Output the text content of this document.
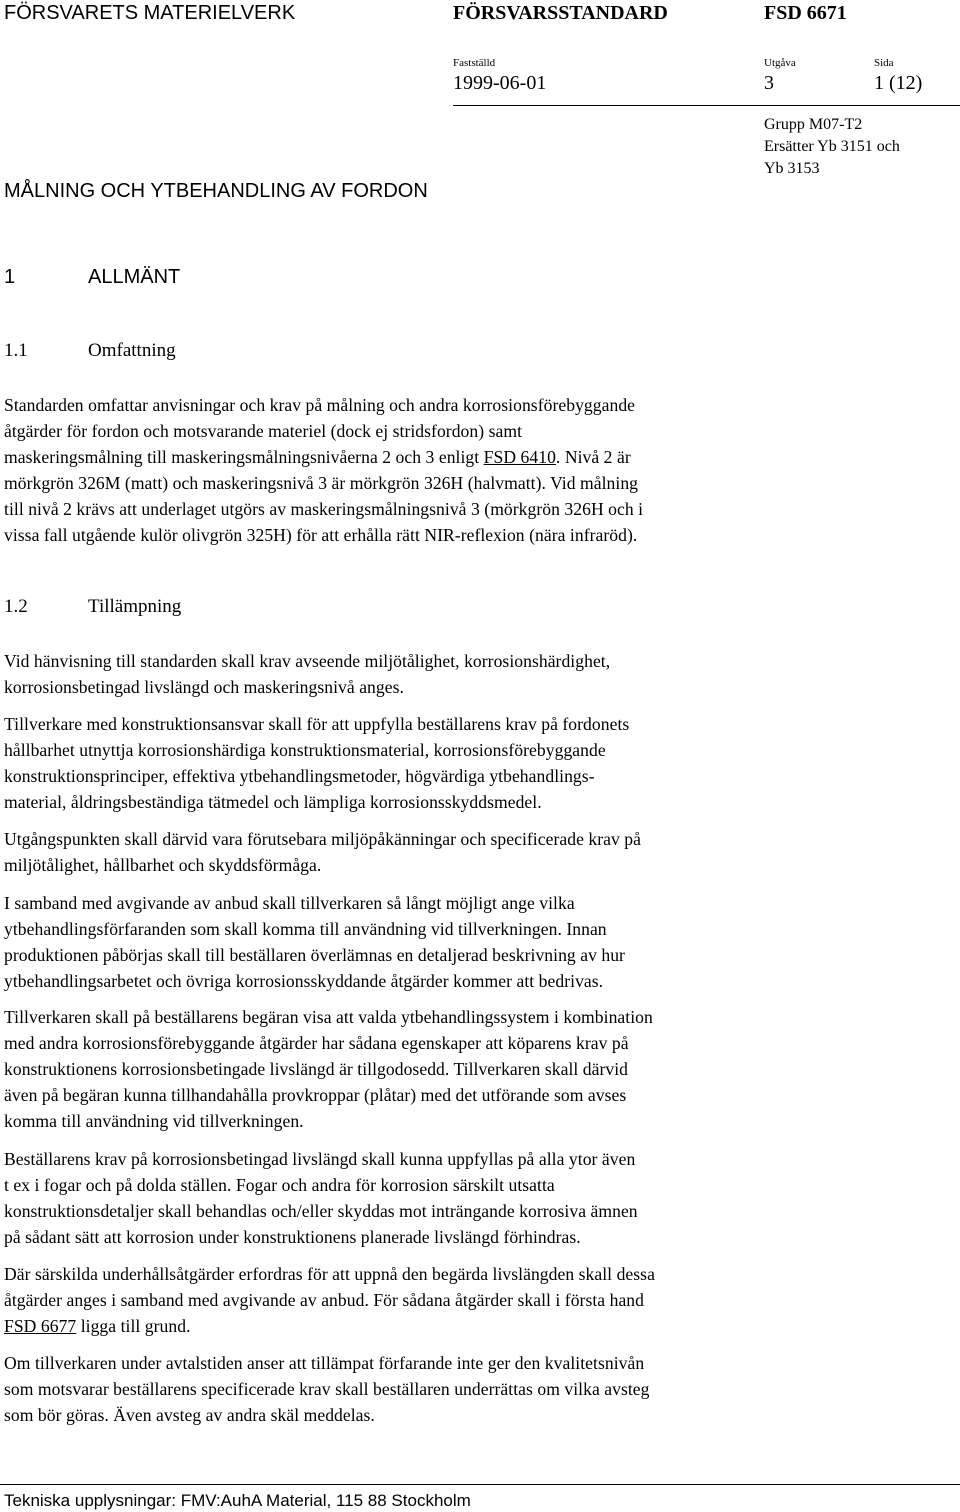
FÖRSVARETS MATERIELVERK	FÖRSVARSSTANDARD	FSD 6671
Fastställd	Utgåva	Sida
1999-06-01	3	1 (12)
Grupp M07-T2
Ersätter Yb 3151 och
Yb 3153
MÅLNING OCH YTBEHANDLING AV FORDON
1	ALLMÄNT
1.1	Omfattning
Standarden omfattar anvisningar och krav på målning och andra korrosionsförebyggande
åtgärder för fordon och motsvarande materiel (dock ej stridsfordon) samt
maskeringsmålning till maskeringsmålningsnivåerna 2 och 3 enligt FSD 6410. Nivå 2 är
mörkgrön 326M (matt) och maskeringsnivå 3 är mörkgrön 326H (halvmatt). Vid målning
till nivå 2 krävs att underlaget utgörs av maskeringsmålningsnivå 3 (mörkgrön 326H och i
vissa fall utgående kulör olivgrön 325H) för att erhålla rätt NIR-reflexion (nära infraröd).
1.2	Tillämpning
Vid hänvisning till standarden skall krav avseende miljötålighet, korrosionshärdighet,
korrosionsbetingad livslängd och maskeringsnivå anges.
Tillverkare med konstruktionsansvar skall för att uppfylla beställarens krav på fordonets
hållbarhet utnyttja korrosionshärdiga konstruktionsmaterial, korrosionsförebyggande
konstruktionsprinciper, effektiva ytbehandlingsmetoder, högvärdiga ytbehandlings-
material, åldringsbeständiga tätmedel och lämpliga korrosionsskyddsmedel.
Utgångspunkten skall därvid vara förutsebara miljöpåkänningar och specificerade krav på
miljötålighet, hållbarhet och skyddsförmåga.
I samband med avgivande av anbud skall tillverkaren så långt möjligt ange vilka
ytbehandlingsförfaranden som skall komma till användning vid tillverkningen. Innan
produktionen påbörjas skall till beställaren överlämnas en detaljerad beskrivning av hur
ytbehandlingsarbetet och övriga korrosionsskyddande åtgärder kommer att bedrivas.
Tillverkaren skall på beställarens begäran visa att valda ytbehandlingssystem i kombination
med andra korrosionsförebyggande åtgärder har sådana egenskaper att köparens krav på
konstruktionens korrosionsbetingade livslängd är tillgodosedd. Tillverkaren skall därvid
även på begäran kunna tillhandahålla provkroppar (plåtar) med det utförande som avses
komma till användning vid tillverkningen.
Beställarens krav på korrosionsbetingad livslängd skall kunna uppfyllas på alla ytor även
t ex i fogar och på dolda ställen. Fogar och andra för korrosion särskilt utsatta
konstruktionsdetaljer skall behandlas och/eller skyddas mot inträngande korrosiva ämnen
på sådant sätt att korrosion under konstruktionens planerade livslängd förhindras.
Där särskilda underhållsåtgärder erfordras för att uppnå den begärda livslängden skall dessa
åtgärder anges i samband med avgivande av anbud. För sådana åtgärder skall i första hand
FSD 6677 ligga till grund.
Om tillverkaren under avtalstiden anser att tillämpat förfarande inte ger den kvalitetsnivån
som motsvarar beställarens specificerade krav skall beställaren underrättas om vilka avsteg
som bör göras. Även avsteg av andra skäl meddelas.
Tekniska upplysningar: FMV:AuhA Material, 115 88 Stockholm
